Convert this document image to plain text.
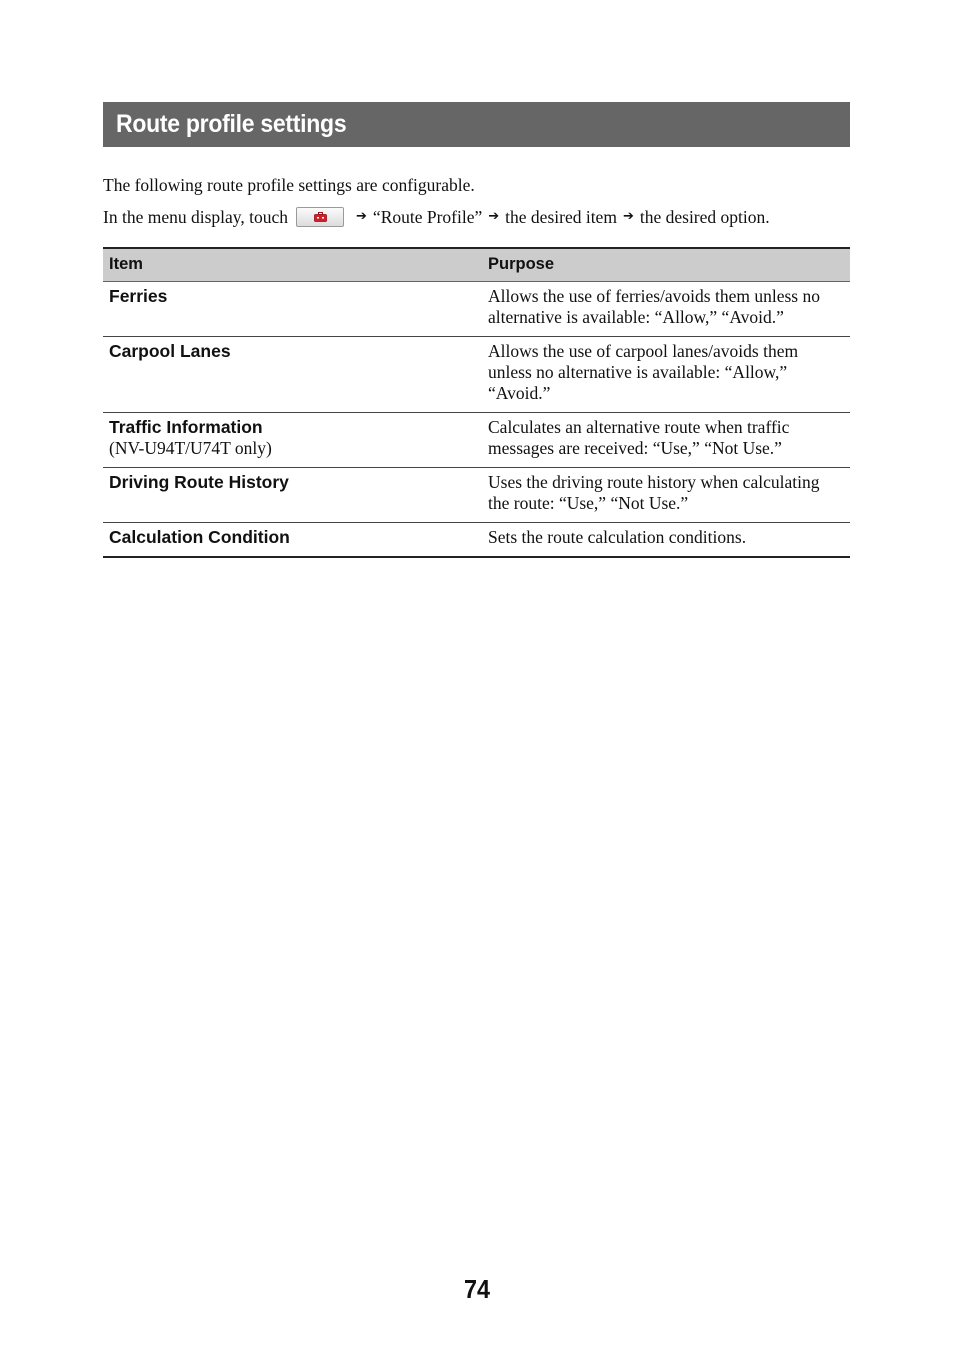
Route profile settings

The following route profile settings are configurable.

In the menu display, touch	➔ “Route Profile” ➔ the desired item ➔ the desired option.

Item	Purpose

Ferries	Allows the use of ferries/avoids them unless no alternative is available: “Allow,” “Avoid.”

Carpool Lanes	Allows the use of carpool lanes/avoids them unless no alternative is available: “Allow,” “Avoid.”

Traffic Information
(NV-U94T/U74T only)	Calculates an alternative route when traffic messages are received: “Use,” “Not Use.”

Driving Route History	Uses the driving route history when calculating the route: “Use,” “Not Use.”

Calculation Condition	Sets the route calculation conditions.
74
